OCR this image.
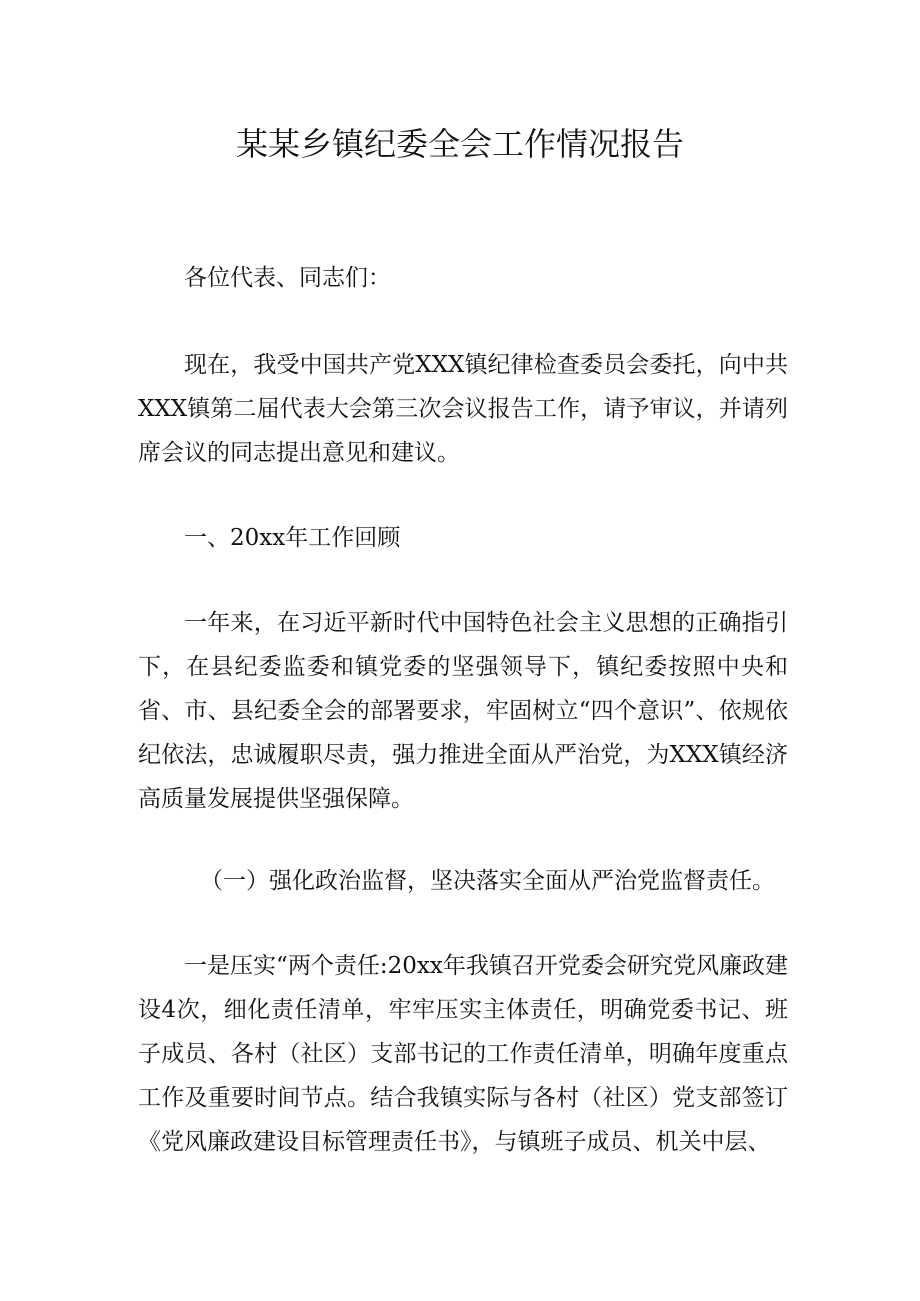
某某乡镇纪委全会工作情况报告

各位代表、同志们：

现在，我受中国共产党XXX镇纪律检查委员会委托，向中共XXX镇第二届代表大会第三次会议报告工作，请予审议，并请列席会议的同志提出意见和建议。

一、20xx年工作回顾

一年来，在习近平新时代中国特色社会主义思想的正确指引下，在县纪委监委和镇党委的坚强领导下，镇纪委按照中央和省、市、县纪委全会的部署要求，牢固树立“四个意识”、依规依纪依法，忠诚履职尽责，强力推进全面从严治党，为XXX镇经济高质量发展提供坚强保障。

（一）强化政治监督，坚决落实全面从严治党监督责任。

一是压实“两个责任:20xx年我镇召开党委会研究党风廉政建设4次，细化责任清单，牢牢压实主体责任，明确党委书记、班子成员、各村（社区）支部书记的工作责任清单，明确年度重点工作及重要时间节点。结合我镇实际与各村（社区）党支部签订《党风廉政建设目标管理责任书》，与镇班子成员、机关中层、
